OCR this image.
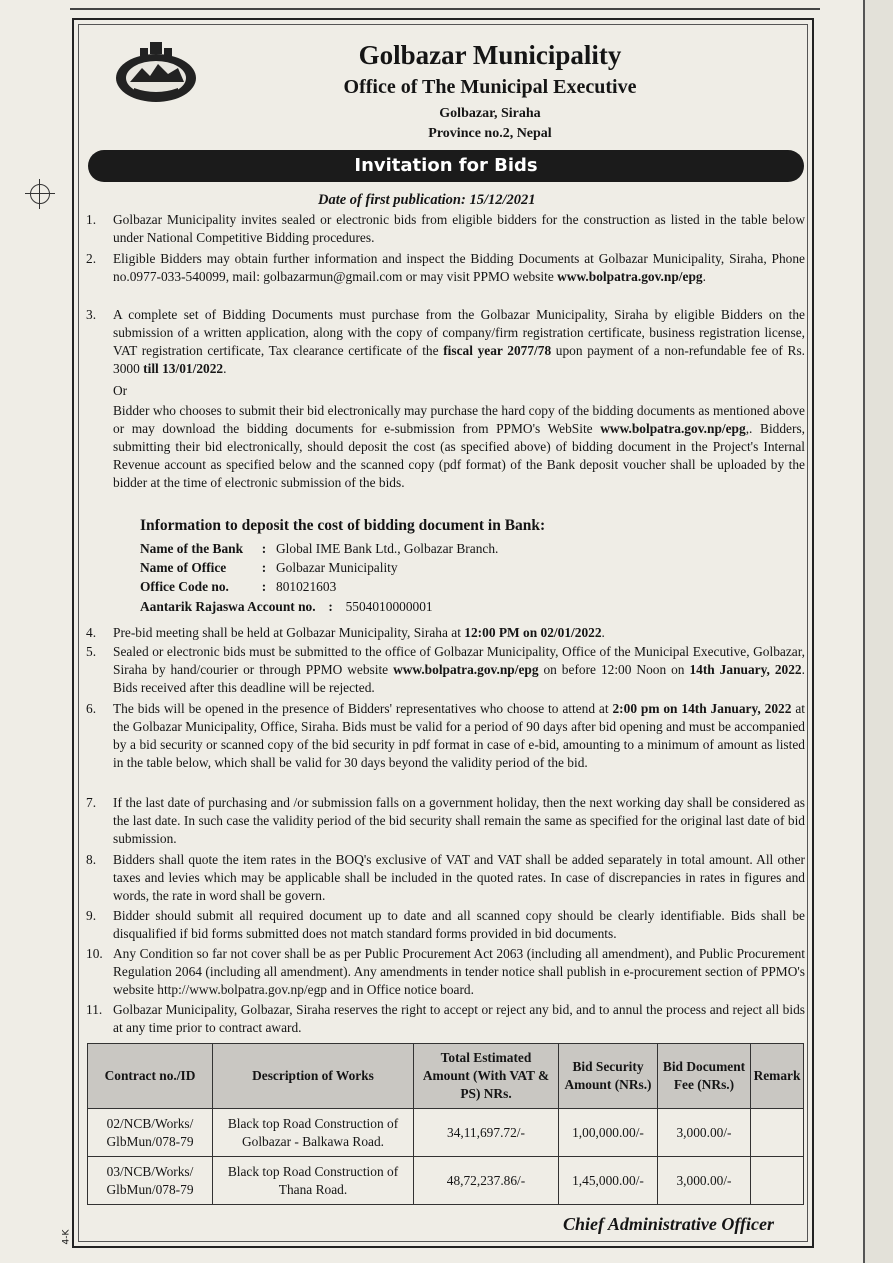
4-K
Golbazar Municipality
Office of The Municipal Executive
Golbazar, Siraha
Province no.2, Nepal
Invitation for Bids
Date of first publication: 15/12/2021
1. Golbazar Municipality invites sealed or electronic bids from eligible bidders for the construction as listed in the table below under National Competitive Bidding procedures.
2. Eligible Bidders may obtain further information and inspect the Bidding Documents at Golbazar Municipality, Siraha, Phone no.0977-033-540099, mail: golbazarmun@gmail.com or may visit PPMO website www.bolpatra.gov.np/epg.
3. A complete set of Bidding Documents must purchase from the Golbazar Municipality, Siraha by eligible Bidders on the submission of a written application, along with the copy of company/firm registration certificate, business registration license, VAT registration certificate, Tax clearance certificate of the fiscal year 2077/78 upon payment of a non-refundable fee of Rs. 3000 till 13/01/2022.
Or
Bidder who chooses to submit their bid electronically may purchase the hard copy of the bidding documents as mentioned above or may download the bidding documents for e-submission from PPMO's WebSite www.bolpatra.gov.np/epg,. Bidders, submitting their bid electronically, should deposit the cost (as specified above) of bidding document in the Project's Internal Revenue account as specified below and the scanned copy (pdf format) of the Bank deposit voucher shall be uploaded by the bidder at the time of electronic submission of the bids.
Information to deposit the cost of bidding document in Bank:
Name of the Bank : Global IME Bank Ltd., Golbazar Branch.
Name of Office	: Golbazar Municipality
Office Code no. : 801021603
Aantarik Rajaswa Account no. : 5504010000001
4. Pre-bid meeting shall be held at Golbazar Municipality, Siraha at 12:00 PM on 02/01/2022.
5. Sealed or electronic bids must be submitted to the office of Golbazar Municipality, Office of the Municipal Executive, Golbazar, Siraha by hand/courier or through PPMO website www.bolpatra.gov.np/epg on before 12:00 Noon on 14th January, 2022. Bids received after this deadline will be rejected.
6. The bids will be opened in the presence of Bidders' representatives who choose to attend at 2:00 pm on 14th January, 2022 at the Golbazar Municipality, Office, Siraha. Bids must be valid for a period of 90 days after bid opening and must be accompanied by a bid security or scanned copy of the bid security in pdf format in case of e-bid, amounting to a minimum of amount as listed in the table below, which shall be valid for 30 days beyond the validity period of the bid.
7. If the last date of purchasing and /or submission falls on a government holiday, then the next working day shall be considered as the last date. In such case the validity period of the bid security shall remain the same as specified for the original last date of bid submission.
8. Bidders shall quote the item rates in the BOQ's exclusive of VAT and VAT shall be added separately in total amount. All other taxes and levies which may be applicable shall be included in the quoted rates. In case of discrepancies in rates in figures and words, the rate in word shall be govern.
9. Bidder should submit all required document up to date and all scanned copy should be clearly identifiable. Bids shall be disqualified if bid forms submitted does not match standard forms provided in bid documents.
10. Any Condition so far not cover shall be as per Public Procurement Act 2063 (including all amendment), and Public Procurement Regulation 2064 (including all amendment). Any amendments in tender notice shall publish in e-procurement section of PPMO's website http://www.bolpatra.gov.np/egp and in Office notice board.
11. Golbazar Municipality, Golbazar, Siraha reserves the right to accept or reject any bid, and to annul the process and reject all bids at any time prior to contract award.
Contract no./ID	Description of Works	Total Estimated Amount (With VAT & PS) NRs.	Bid Security Amount (NRs.)	Bid Document Fee (NRs.)	Remark
02/NCB/Works/ GlbMun/078-79	Black top Road Construction of Golbazar - Balkawa Road.	34,11,697.72/-	1,00,000.00/-	3,000.00/-	
03/NCB/Works/ GlbMun/078-79	Black top Road Construction of Thana Road.	48,72,237.86/-	1,45,000.00/-	3,000.00/-	
Chief Administrative Officer
